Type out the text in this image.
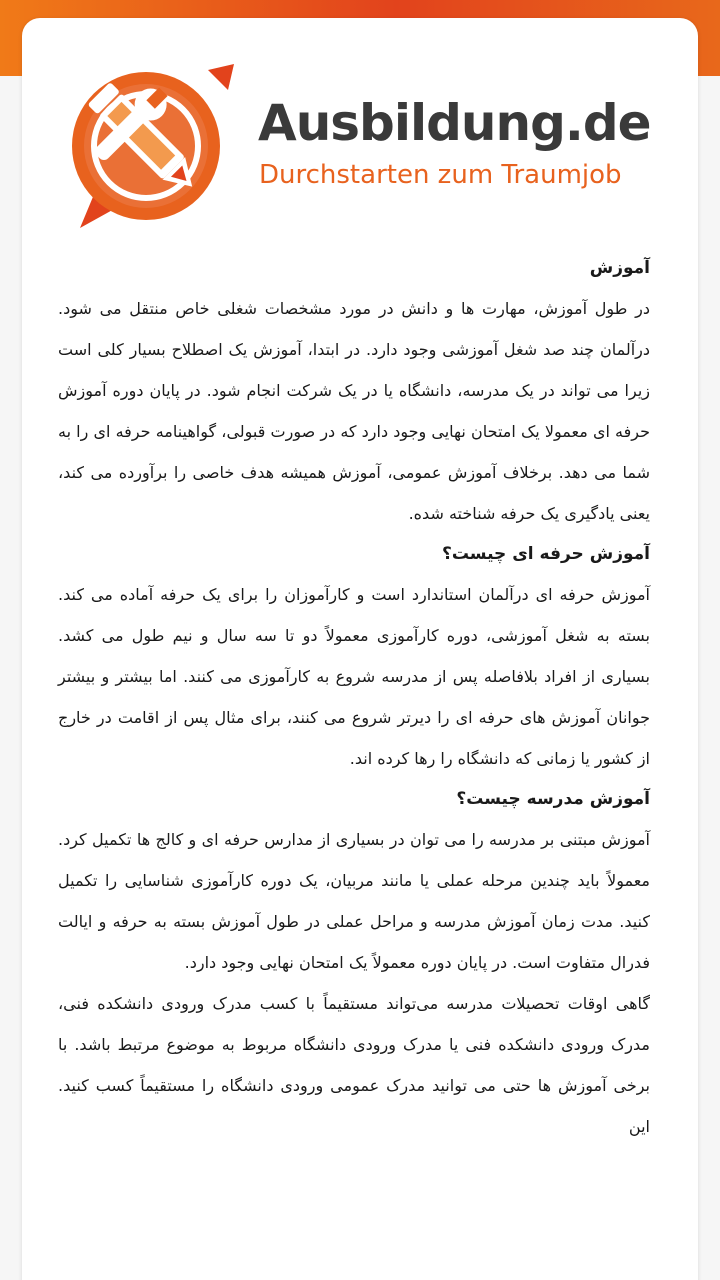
Ausbildung.de
Durchstarten zum Traumjob
آموزش

در طول آموزش، مهارت ها و دانش در مورد مشخصات شغلی خاص منتقل می شود. درآلمان چند صد شغل آموزشی وجود دارد. در ابتدا، آموزش یک اصطلاح بسیار کلی است زیرا می تواند در یک مدرسه، دانشگاه یا در یک شرکت انجام شود. در پایان دوره آموزش حرفه ای معمولا یک امتحان نهایی وجود دارد که در صورت قبولی، گواهینامه حرفه ای را به شما می دهد. برخلاف آموزش عمومی، آموزش همیشه هدف خاصی را برآورده می کند، یعنی یادگیری یک حرفه شناخته شده.

آموزش حرفه ای چیست؟

آموزش حرفه ای درآلمان استاندارد است و کارآموزان را برای یک حرفه آماده می کند. بسته به شغل آموزشی، دوره کارآموزی معمولاً دو تا سه سال و نیم طول می کشد. بسیاری از افراد بلافاصله پس از مدرسه شروع به کارآموزی می کنند. اما بیشتر و بیشتر جوانان آموزش های حرفه ای را دیرتر شروع می کنند، برای مثال پس از اقامت در خارج از کشور یا زمانی که دانشگاه را رها کرده اند.

آموزش مدرسه چیست؟

آموزش مبتنی بر مدرسه را می توان در بسیاری از مدارس حرفه ای و کالج ها تکمیل کرد. معمولاً باید چندین مرحله عملی یا مانند مربیان، یک دوره کارآموزی شناسایی را تکمیل کنید. مدت زمان آموزش مدرسه و مراحل عملی در طول آموزش بسته به حرفه و ایالت فدرال متفاوت است. در پایان دوره معمولاً یک امتحان نهایی وجود دارد.

گاهی اوقات تحصیلات مدرسه می‌تواند مستقیماً با کسب مدرک ورودی دانشکده فنی، مدرک ورودی دانشکده فنی یا مدرک ورودی دانشگاه مربوط به موضوع مرتبط باشد. با برخی آموزش ها حتی می توانید مدرک عمومی ورودی دانشگاه را مستقیماً کسب کنید. این
